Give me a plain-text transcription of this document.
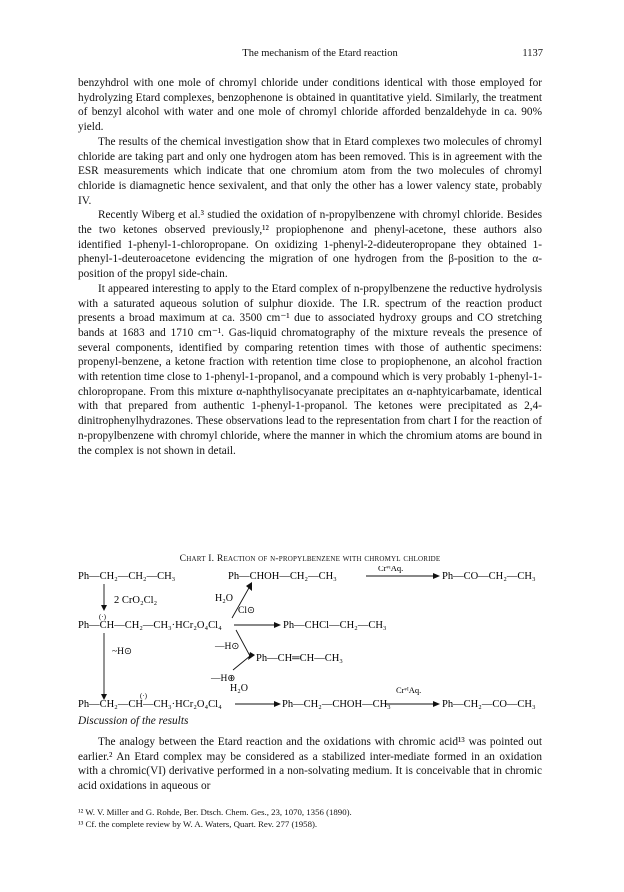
The mechanism of the Etard reaction	1137

benzyhdrol with one mole of chromyl chloride under conditions identical with those employed for hydrolyzing Etard complexes, benzophenone is obtained in quantitative yield. Similarly, the treatment of benzyl alcohol with water and one mole of chromyl chloride afforded benzaldehyde in ca. 90% yield.

The results of the chemical investigation show that in Etard complexes two molecules of chromyl chloride are taking part and only one hydrogen atom has been removed. This is in agreement with the ESR measurements which indicate that one chromium atom from the two molecules of chromyl chloride is diamagnetic hence sexivalent, and that only the other has a lower valency state, probably IV.

Recently Wiberg et al.³ studied the oxidation of n-propylbenzene with chromyl chloride. Besides the two ketones observed previously,¹² propiophenone and phenyl-acetone, these authors also identified 1-phenyl-1-chloropropane. On oxidizing 1-phenyl-2-dideuteropropane they obtained 1-phenyl-1-deuteroacetone evidencing the migration of one hydrogen from the β-position to the α-position of the propyl side-chain.

It appeared interesting to apply to the Etard complex of n-propylbenzene the reductive hydrolysis with a saturated aqueous solution of sulphur dioxide. The I.R. spectrum of the reaction product presents a broad maximum at ca. 3500 cm⁻¹ due to associated hydroxy groups and CO stretching bands at 1683 and 1710 cm⁻¹. Gas-liquid chromatography of the mixture reveals the presence of several components, identified by comparing retention times with those of authentic specimens: propenyl-benzene, a ketone fraction with retention time close to propiophenone, an alcohol fraction with retention time close to 1-phenyl-1-propanol, and a compound which is very probably 1-phenyl-1-chloropropane. From this mixture α-naphthylisocyanate precipitates an α-naphtyicarbamate, identical with that prepared from authentic 1-phenyl-1-propanol. The ketones were precipitated as 2,4-dinitrophenylhydrazones. These observations lead to the representation from chart I for the reaction of n-propylbenzene with chromyl chloride, where the manner in which the chromium atoms are bound in the complex is not shown in detail.

Chart I. Reaction of n-propylbenzene with chromyl chloride
Ph—CH₂—CH₂—CH₃	Ph—CHOH—CH₂—CH₃
CrᵛᴵAq.
Ph—CO—CH₂—CH₃
2 CrO₂Cl₂	H₂O
Cl⊙
(·)
Ph—CH—CH₂—CH₃·HCr₂O₄Cl₄	Ph—CHCl—CH₂—CH₃
~H⊙	—H⊙
—H⊕
Ph—CH═CH—CH₃
(·)
Ph—CH₂—CH—CH₃·HCr₂O₄Cl₄
H₂O
Ph—CH₂—CHOH—CH₃
CrᵛᴵAq.
Ph—CH₂—CO—CH₃
Discussion of the results

The analogy between the Etard reaction and the oxidations with chromic acid¹³ was pointed out earlier.² An Etard complex may be considered as a stabilized inter-mediate formed in an oxidation with a chromic(VI) derivative performed in a non-solvating medium. It is conceivable that in chromic acid oxidations in aqueous or

¹² W. V. Miller and G. Rohde, Ber. Dtsch. Chem. Ges., 23, 1070, 1356 (1890).

¹³ Cf. the complete review by W. A. Waters, Quart. Rev. 277 (1958).
